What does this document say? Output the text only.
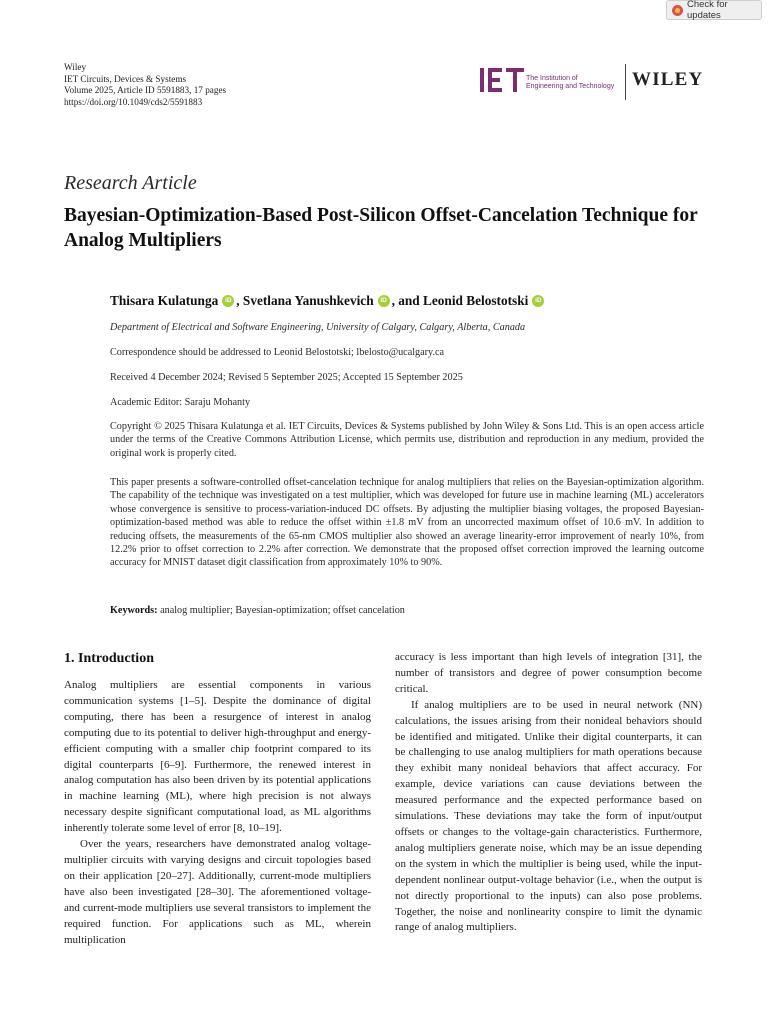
Check for updates
Wiley
IET Circuits, Devices & Systems
Volume 2025, Article ID 5591883, 17 pages
https://doi.org/10.1049/cds2/5591883
The Institution of
Engineering and Technology WILEY
Research Article
Bayesian-Optimization-Based Post-Silicon Offset-Cancelation Technique for Analog Multipliers
Thisara Kulatunga	iD , Svetlana Yanushkevich	iD , and Leonid Belostotski	iD
Department of Electrical and Software Engineering, University of Calgary, Calgary, Alberta, Canada
Correspondence should be addressed to Leonid Belostotski; lbelosto@ucalgary.ca
Received 4 December 2024; Revised 5 September 2025; Accepted 15 September 2025
Academic Editor: Saraju Mohanty
Copyright © 2025 Thisara Kulatunga et al. IET Circuits, Devices & Systems published by John Wiley & Sons Ltd. This is an open access article under the terms of the Creative Commons Attribution License, which permits use, distribution and reproduction in any medium, provided the original work is properly cited.
This paper presents a software-controlled offset-cancelation technique for analog multipliers that relies on the Bayesian-optimization algorithm. The capability of the technique was investigated on a test multiplier, which was developed for future use in machine learning (ML) accelerators whose convergence is sensitive to process-variation-induced DC offsets. By adjusting the multiplier biasing voltages, the proposed Bayesian-optimization-based method was able to reduce the offset within ±1.8 mV from an uncorrected maximum offset of 10.6 mV. In addition to reducing offsets, the measurements of the 65-nm CMOS multiplier also showed an average linearity-error improvement of nearly 10%, from 12.2% prior to offset correction to 2.2% after correction. We demonstrate that the proposed offset correction improved the learning outcome accuracy for MNIST dataset digit classification from approximately 10% to 90%.
Keywords: analog multiplier; Bayesian-optimization; offset cancelation
1. Introduction

Analog multipliers are essential components in various communication systems [1–5]. Despite the dominance of digital computing, there has been a resurgence of interest in analog computing due to its potential to deliver high-throughput and energy-efficient computing with a smaller chip footprint compared to its digital counterparts [6–9]. Furthermore, the renewed interest in analog computation has also been driven by its potential applications in machine learning (ML), where high precision is not always necessary despite significant computational load, as ML algorithms inherently tolerate some level of error [8, 10–19].

Over the years, researchers have demonstrated analog voltage-multiplier circuits with varying designs and circuit topologies based on their application [20–27]. Additionally, current-mode multipliers have also been investigated [28–30]. The aforementioned voltage- and current-mode multipliers use several transistors to implement the required function. For applications such as ML, wherein multiplication

accuracy is less important than high levels of integration [31], the number of transistors and degree of power consumption become critical.

If analog multipliers are to be used in neural network (NN) calculations, the issues arising from their nonideal behaviors should be identified and mitigated. Unlike their digital counterparts, it can be challenging to use analog multipliers for math operations because they exhibit many nonideal behaviors that affect accuracy. For example, device variations can cause deviations between the measured performance and the expected performance based on simulations. These deviations may take the form of input/output offsets or changes to the voltage-gain characteristics. Furthermore, analog multipliers generate noise, which may be an issue depending on the system in which the multiplier is being used, while the input-dependent nonlinear output-voltage behavior (i.e., when the output is not directly proportional to the inputs) can also pose problems. Together, the noise and nonlinearity conspire to limit the dynamic range of analog multipliers.
